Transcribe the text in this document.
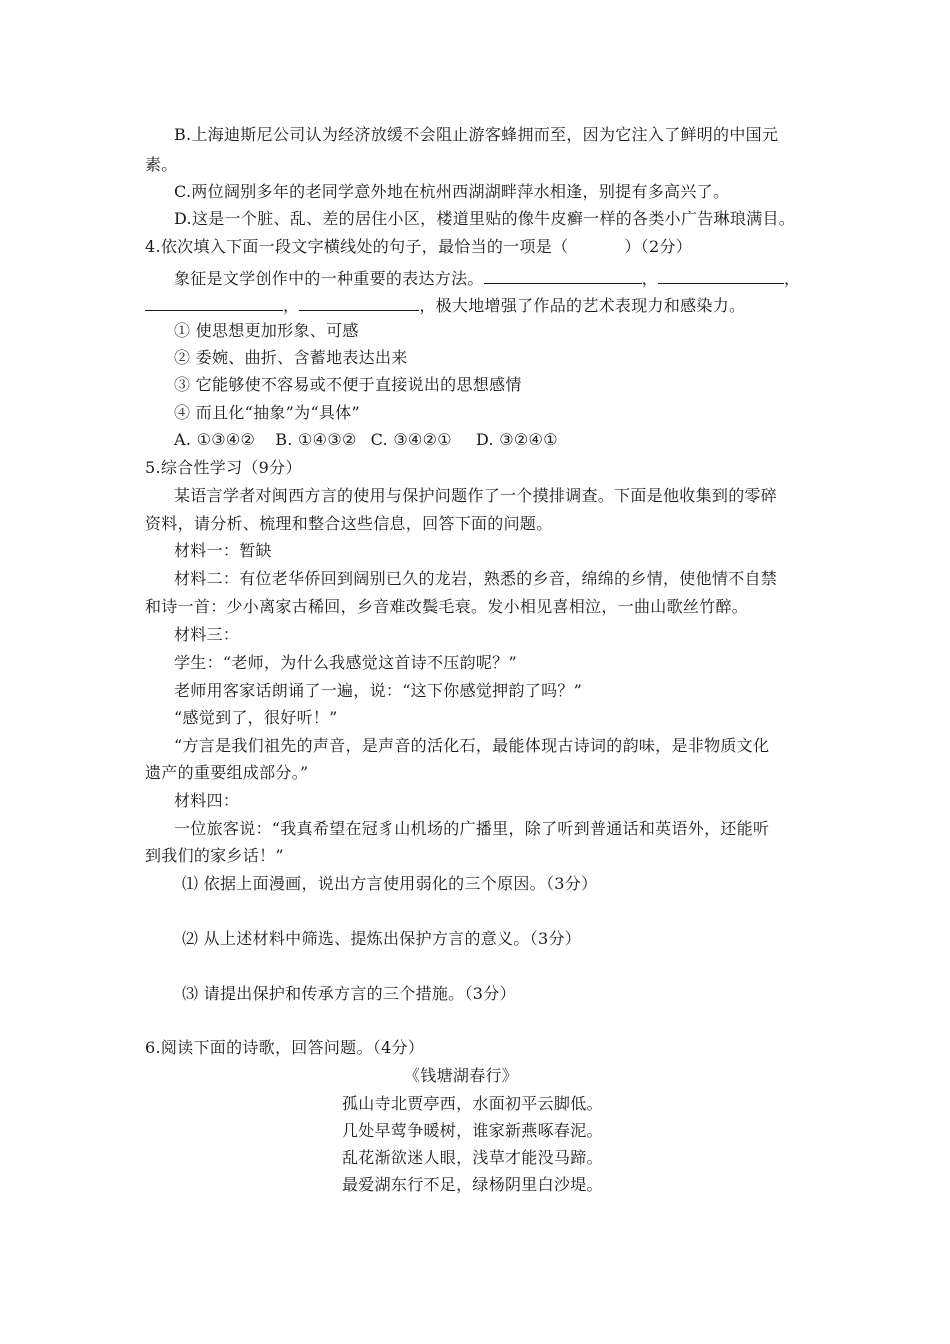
B.上海迪斯尼公司认为经济放缓不会阻止游客蜂拥而至，因为它注入了鲜明的中国元
素。
C.两位阔别多年的老同学意外地在杭州西湖湖畔萍水相逢，别提有多高兴了。
D.这是一个脏、乱、差的居住小区，楼道里贴的像牛皮癣一样的各类小广告琳琅满目。
4.依次填入下面一段文字横线处的句子，最恰当的一项是（	）（2分）
象征是文学创作中的一种重要的表达方法。	，	，
，	，极大地增强了作品的艺术表现力和感染力。
① 使思想更加形象、可感
② 委婉、曲折、含蓄地表达出来
③ 它能够使不容易或不便于直接说出的思想感情
④ 而且化“抽象”为“具体”
A. ①③④② B. ①④③② C. ③④②① D. ③②④①
5.综合性学习（9分）
某语言学者对闽西方言的使用与保护问题作了一个摸排调查。下面是他收集到的零碎
资料，请分析、梳理和整合这些信息，回答下面的问题。
材料一：暂缺
材料二：有位老华侨回到阔别已久的龙岩，熟悉的乡音，绵绵的乡情，使他情不自禁
和诗一首：少小离家古稀回，乡音难改鬓毛衰。发小相见喜相泣，一曲山歌丝竹醉。
材料三：
学生：“老师，为什么我感觉这首诗不压韵呢？”
老师用客家话朗诵了一遍，说：“这下你感觉押韵了吗？”
“感觉到了，很好听！”
“方言是我们祖先的声音，是声音的活化石，最能体现古诗词的韵味，是非物质文化
遗产的重要组成部分。”
材料四：
一位旅客说：“我真希望在冠豸山机场的广播里，除了听到普通话和英语外，还能听
到我们的家乡话！”
⑴ 依据上面漫画，说出方言使用弱化的三个原因。（3分）
⑵ 从上述材料中筛选、提炼出保护方言的意义。（3分）
⑶ 请提出保护和传承方言的三个措施。（3分）
6.阅读下面的诗歌，回答问题。（4分）
《钱塘湖春行》
孤山寺北贾亭西，水面初平云脚低。
几处早莺争暖树，谁家新燕啄春泥。
乱花渐欲迷人眼，浅草才能没马蹄。
最爱湖东行不足，绿杨阴里白沙堤。
